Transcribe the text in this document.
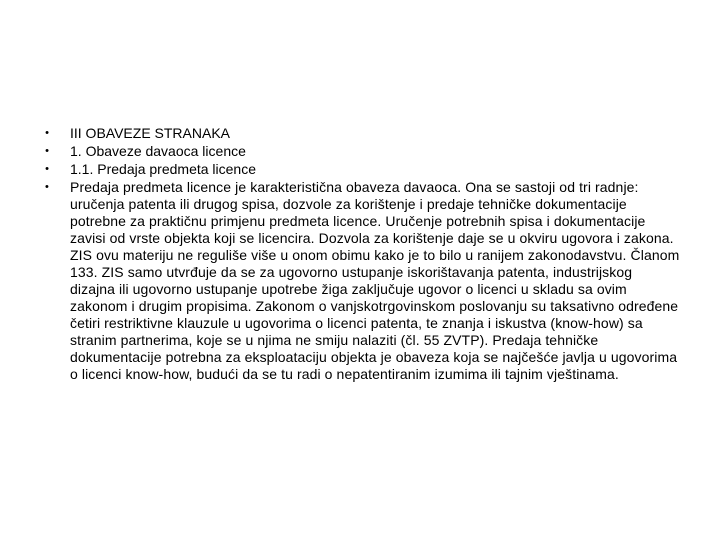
•	III OBAVEZE STRANAKA
•	1. Obaveze davaoca licence
•	1.1. Predaja predmeta licence
•	Predaja predmeta licence je karakteristična obaveza davaoca. Ona se sastoji od tri radnje: uručenja patenta ili drugog spisa, dozvole za korištenje i predaje tehničke dokumentacije potrebne za praktičnu primjenu predmeta licence. Uručenje potrebnih spisa i dokumentacije zavisi od vrste objekta koji se licencira. Dozvola za korištenje daje se u okviru ugovora i zakona. ZIS ovu materiju ne reguliše više u onom obimu kako je to bilo u ranijem zakonodavstvu. Članom 133. ZIS samo utvrđuje da se za ugovorno ustupanje iskorištavanja patenta, industrijskog dizajna ili ugovorno ustupanje upotrebe žiga zaključuje ugovor o licenci u skladu sa ovim zakonom i drugim propisima. Zakonom o vanjskotrgovinskom poslovanju su taksativno određene četiri restriktivne klauzule u ugovorima o licenci patenta, te znanja i iskustva (know-how) sa stranim partnerima, koje se u njima ne smiju nalaziti (čl. 55 ZVTP). Predaja tehničke dokumentacije potrebna za eksploataciju objekta je obaveza koja se najčešće javlja u ugovorima o licenci know-how, budući da se tu radi o nepatentiranim izumima ili tajnim vještinama.
